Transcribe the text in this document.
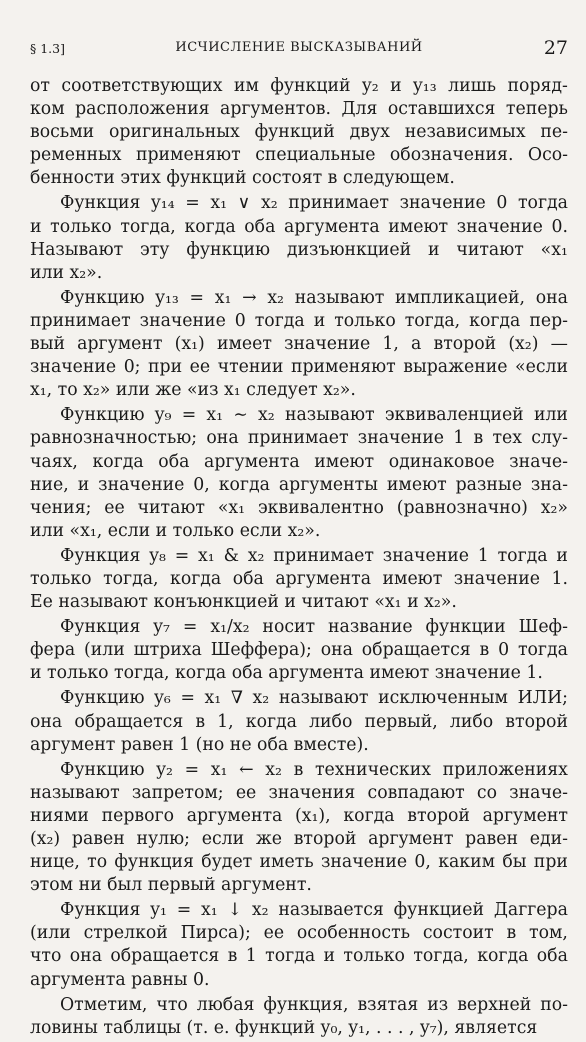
§ 1.3]	ИСЧИСЛЕНИЕ ВЫСКАЗЫВАНИЙ	27
от соответствующих им функций y₂ и y₁₃ лишь поряд-
ком расположения аргументов. Для оставшихся теперь
восьми оригинальных функций двух независимых пе-
ременных применяют специальные обозначения. Осо-
бенности этих функций состоят в следующем.
Функция y₁₄ = x₁ ∨ x₂ принимает значение 0 тогда
и только тогда, когда оба аргумента имеют значение 0.
Называют эту функцию дизъюнкцией и читают «x₁
или x₂».
Функцию y₁₃ = x₁ → x₂ называют импликацией, она
принимает значение 0 тогда и только тогда, когда пер-
вый аргумент (x₁) имеет значение 1, а второй (x₂) —
значение 0; при ее чтении применяют выражение «если
x₁, то x₂» или же «из x₁ следует x₂».
Функцию y₉ = x₁ ∼ x₂ называют эквиваленцией или
равнозначностью; она принимает значение 1 в тех слу-
чаях, когда оба аргумента имеют одинаковое значе-
ние, и значение 0, когда аргументы имеют разные зна-
чения; ее читают «x₁ эквивалентно (равнозначно) x₂»
или «x₁, если и только если x₂».
Функция y₈ = x₁ & x₂ принимает значение 1 тогда и
только тогда, когда оба аргумента имеют значение 1.
Ее называют конъюнкцией и читают «x₁ и x₂».
Функция y₇ = x₁/x₂ носит название функции Шеф-
фера (или штриха Шеффера); она обращается в 0 тогда
и только тогда, когда оба аргумента имеют значение 1.
Функцию y₆ = x₁ ∇ x₂ называют исключенным ИЛИ;
она обращается в 1, когда либо первый, либо второй
аргумент равен 1 (но не оба вместе).
Функцию y₂ = x₁ ← x₂ в технических приложениях
называют запретом; ее значения совпадают со значе-
ниями первого аргумента (x₁), когда второй аргумент
(x₂) равен нулю; если же второй аргумент равен еди-
нице, то функция будет иметь значение 0, каким бы при
этом ни был первый аргумент.
Функция y₁ = x₁ ↓ x₂ называется функцией Даггера
(или стрелкой Пирса); ее особенность состоит в том,
что она обращается в 1 тогда и только тогда, когда оба
аргумента равны 0.
Отметим, что любая функция, взятая из верхней по-
ловины таблицы (т. е. функций y₀, y₁, . . . , y₇), является
